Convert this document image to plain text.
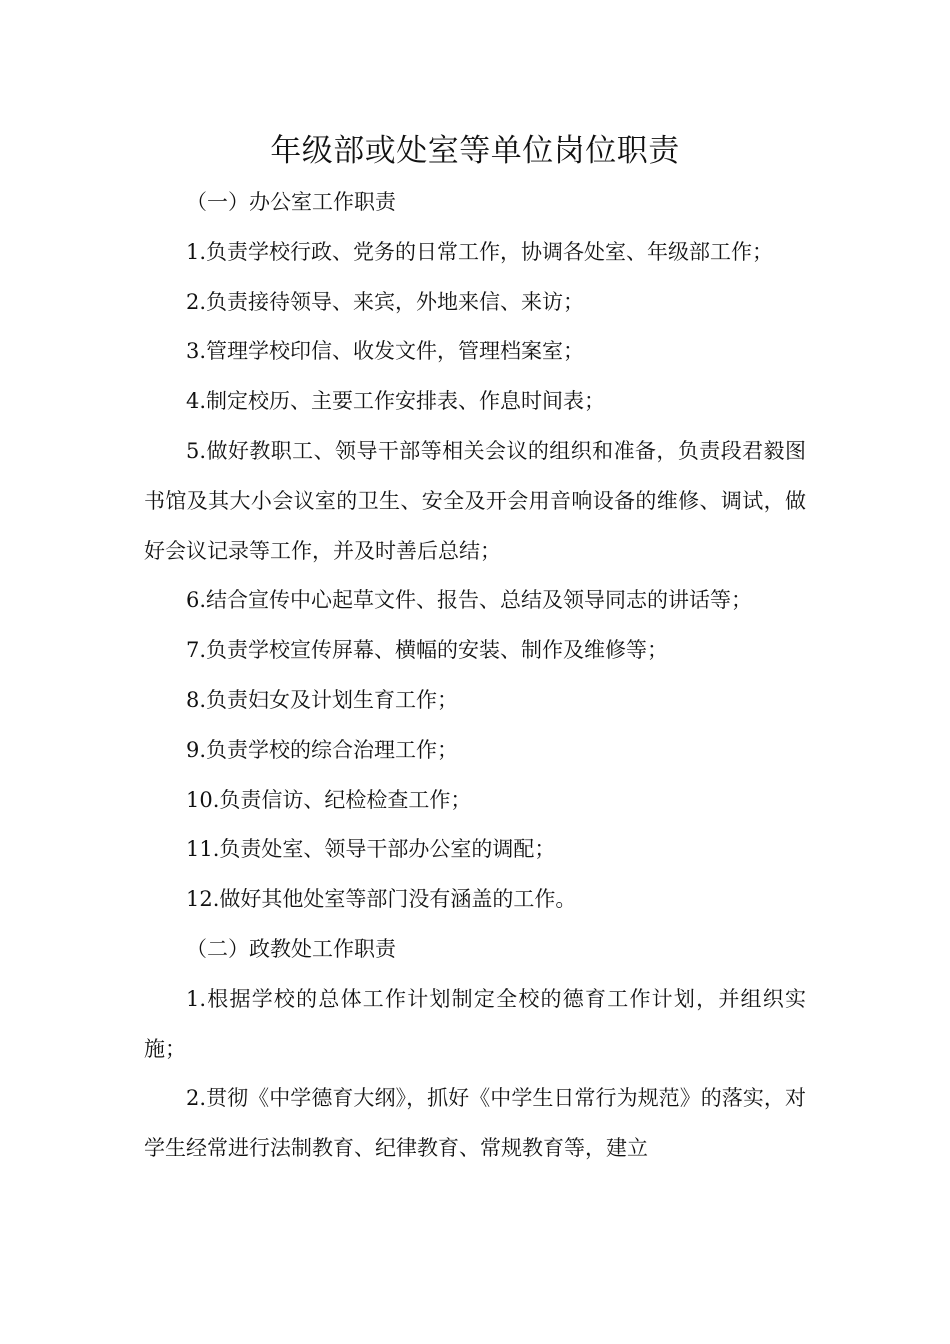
年级部或处室等单位岗位职责

（一）办公室工作职责

1.负责学校行政、党务的日常工作，协调各处室、年级部工作；

2.负责接待领导、来宾，外地来信、来访；

3.管理学校印信、收发文件，管理档案室；

4.制定校历、主要工作安排表、作息时间表；

5.做好教职工、领导干部等相关会议的组织和准备，负责段君毅图书馆及其大小会议室的卫生、安全及开会用音响设备的维修、调试，做好会议记录等工作，并及时善后总结；

6.结合宣传中心起草文件、报告、总结及领导同志的讲话等；

7.负责学校宣传屏幕、横幅的安装、制作及维修等；

8.负责妇女及计划生育工作；

9.负责学校的综合治理工作；

10.负责信访、纪检检查工作；

11.负责处室、领导干部办公室的调配；

12.做好其他处室等部门没有涵盖的工作。

（二）政教处工作职责

1.根据学校的总体工作计划制定全校的德育工作计划，并组织实施；

2.贯彻《中学德育大纲》，抓好《中学生日常行为规范》的落实，对学生经常进行法制教育、纪律教育、常规教育等，建立
